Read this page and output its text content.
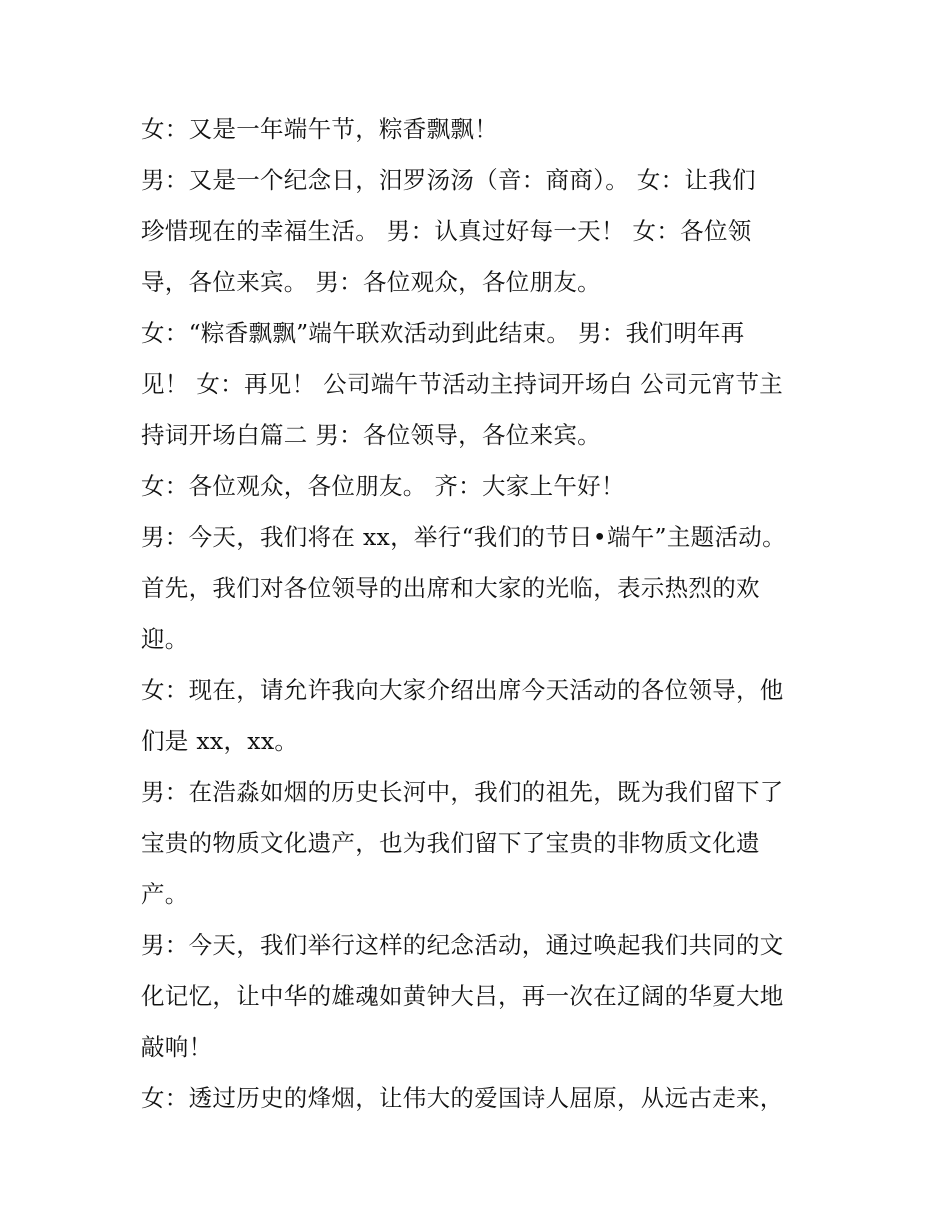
女：又是一年端午节，粽香飘飘！
男：又是一个纪念日，汨罗汤汤（音：商商）。 女：让我们
珍惜现在的幸福生活。 男：认真过好每一天！ 女：各位领
导，各位来宾。 男：各位观众，各位朋友。
女：“粽香飘飘”端午联欢活动到此结束。 男：我们明年再
见！ 女：再见！ 公司端午节活动主持词开场白 公司元宵节主
持词开场白篇二 男：各位领导，各位来宾。
女：各位观众，各位朋友。 齐：大家上午好！
男：今天，我们将在 xx，举行“我们的节日•端午”主题活动。
首先，我们对各位领导的出席和大家的光临，表示热烈的欢
迎。
女：现在，请允许我向大家介绍出席今天活动的各位领导，他
们是 xx，xx。
男：在浩淼如烟的历史长河中，我们的祖先，既为我们留下了
宝贵的物质文化遗产，也为我们留下了宝贵的非物质文化遗
产。
男：今天，我们举行这样的纪念活动，通过唤起我们共同的文
化记忆，让中华的雄魂如黄钟大吕，再一次在辽阔的华夏大地
敲响！
女：透过历史的烽烟，让伟大的爱国诗人屈原，从远古走来，
